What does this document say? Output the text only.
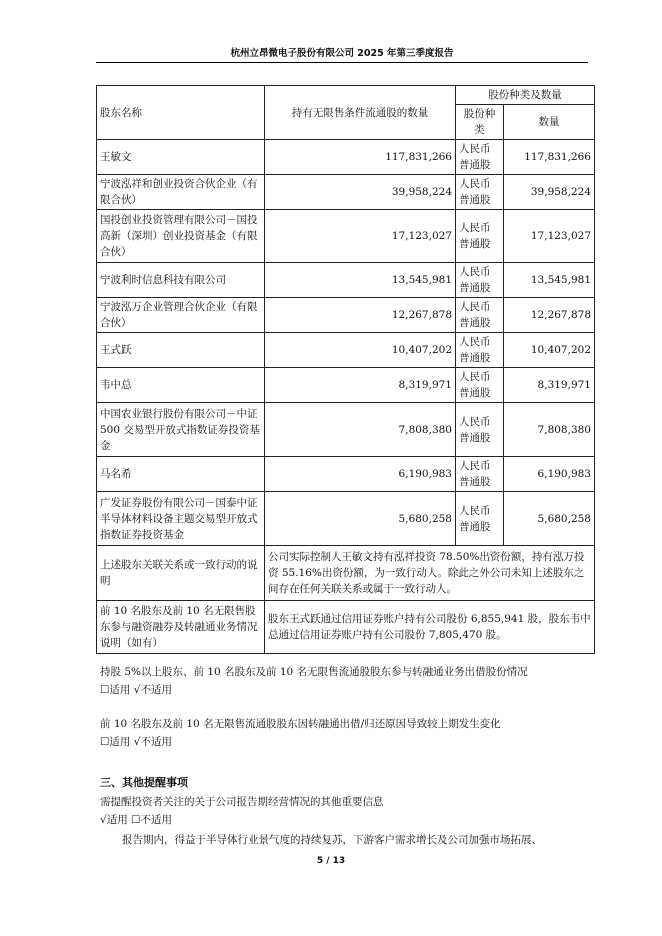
杭州立昂微电子股份有限公司 2025 年第三季度报告
股东名称	持有无限售条件流通股的数量	股份种类及数量	
		股份种类	数量
王敏文	117,831,266	人民币普通股	117,831,266
宁波泓祥和创业投资合伙企业（有限合伙）	39,958,224	人民币普通股	39,958,224
国投创业投资管理有限公司－国投高新（深圳）创业投资基金（有限合伙）	17,123,027	人民币普通股	17,123,027
宁波利时信息科技有限公司	13,545,981	人民币普通股	13,545,981
宁波泓万企业管理合伙企业（有限合伙）	12,267,878	人民币普通股	12,267,878
王式跃	10,407,202	人民币普通股	10,407,202
韦中总	8,319,971	人民币普通股	8,319,971
中国农业银行股份有限公司－中证 500 交易型开放式指数证券投资基金	7,808,380	人民币普通股	7,808,380
马名希	6,190,983	人民币普通股	6,190,983
广发证券股份有限公司－国泰中证半导体材料设备主题交易型开放式指数证券投资基金	5,680,258	人民币普通股	5,680,258
上述股东关联关系或一致行动的说明	公司实际控制人王敏文持有泓祥投资 78.50%出资份额，持有泓万投资 55.16%出资份额，为一致行动人。除此之外公司未知上述股东之间存在任何关联关系或属于一致行动人。		
前 10 名股东及前 10 名无限售股东参与融资融券及转融通业务情况说明（如有）	股东王式跃通过信用证券账户持有公司股份 6,855,941 股，股东韦中总通过信用证券账户持有公司股份 7,805,470 股。		
持股 5%以上股东、前 10 名股东及前 10 名无限售流通股股东参与转融通业务出借股份情况
☐适用 √不适用
前 10 名股东及前 10 名无限售流通股股东因转融通出借/归还原因导致较上期发生变化
☐适用 √不适用
三、其他提醒事项
需提醒投资者关注的关于公司报告期经营情况的其他重要信息
√适用 ☐不适用
报告期内，得益于半导体行业景气度的持续复苏，下游客户需求增长及公司加强市场拓展、
5 / 13
